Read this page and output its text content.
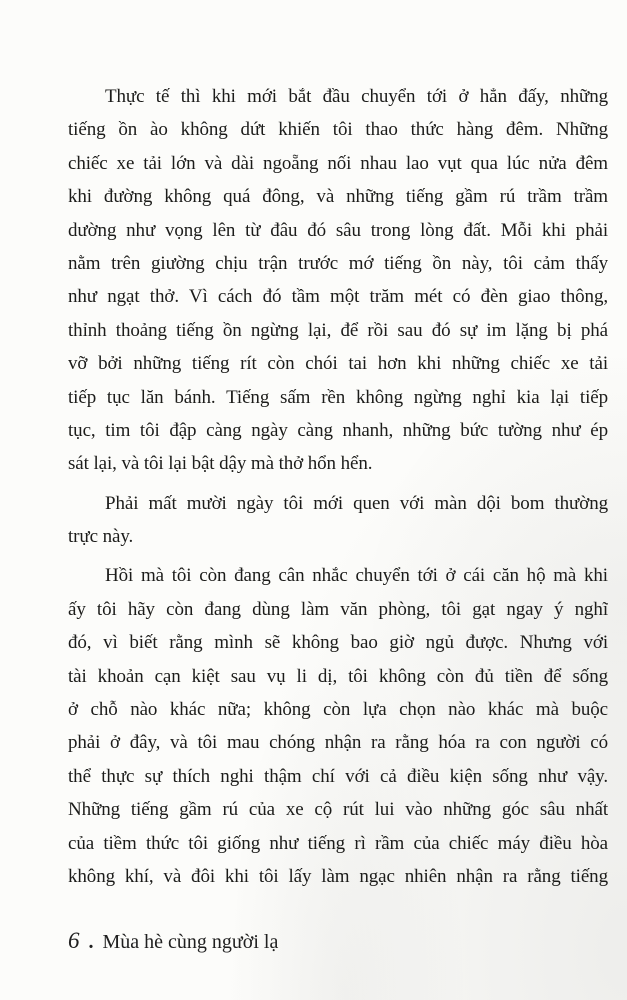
Thực tế thì khi mới bắt đầu chuyển tới ở hẳn đấy, những
tiếng ồn ào không dứt khiến tôi thao thức hàng đêm. Những
chiếc xe tải lớn và dài ngoẵng nối nhau lao vụt qua lúc nửa đêm
khi đường không quá đông, và những tiếng gầm rú trầm trầm
dường như vọng lên từ đâu đó sâu trong lòng đất. Mỗi khi phải
nằm trên giường chịu trận trước mớ tiếng ồn này, tôi cảm thấy
như ngạt thở. Vì cách đó tầm một trăm mét có đèn giao thông,
thỉnh thoảng tiếng ồn ngừng lại, để rồi sau đó sự im lặng bị phá
vỡ bởi những tiếng rít còn chói tai hơn khi những chiếc xe tải
tiếp tục lăn bánh. Tiếng sấm rền không ngừng nghỉ kia lại tiếp
tục, tim tôi đập càng ngày càng nhanh, những bức tường như ép
sát lại, và tôi lại bật dậy mà thở hổn hển.
Phải mất mười ngày tôi mới quen với màn dội bom thường
trực này.
Hồi mà tôi còn đang cân nhắc chuyển tới ở cái căn hộ mà khi
ấy tôi hãy còn đang dùng làm văn phòng, tôi gạt ngay ý nghĩ
đó, vì biết rằng mình sẽ không bao giờ ngủ được. Nhưng với
tài khoản cạn kiệt sau vụ li dị, tôi không còn đủ tiền để sống
ở chỗ nào khác nữa; không còn lựa chọn nào khác mà buộc
phải ở đây, và tôi mau chóng nhận ra rằng hóa ra con người có
thể thực sự thích nghi thậm chí với cả điều kiện sống như vậy.
Những tiếng gầm rú của xe cộ rút lui vào những góc sâu nhất
của tiềm thức tôi giống như tiếng rì rầm của chiếc máy điều hòa
không khí, và đôi khi tôi lấy làm ngạc nhiên nhận ra rằng tiếng
6 . Mùa hè cùng người lạ
